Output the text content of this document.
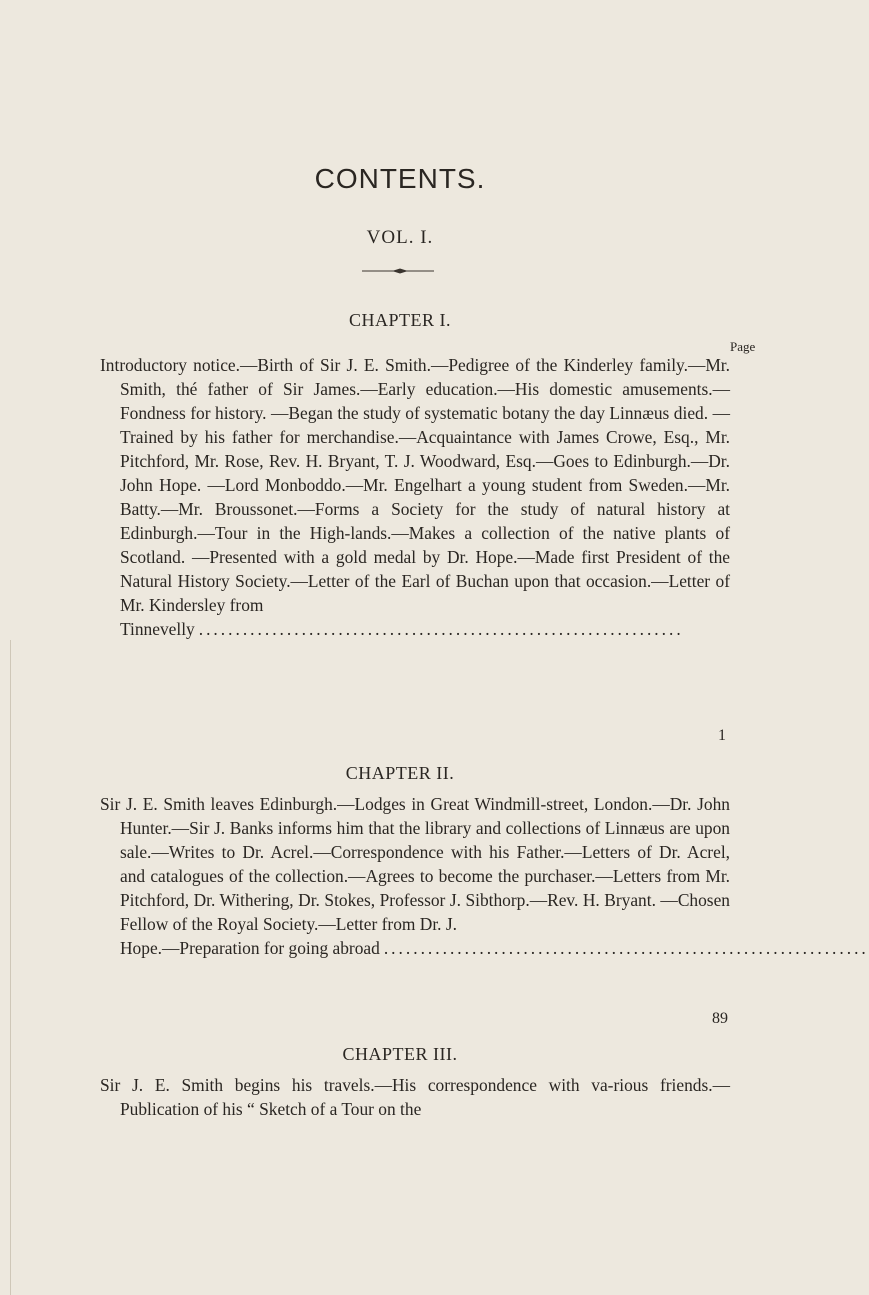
CONTENTS.
VOL. I.
CHAPTER I.
Page
Introductory notice.—Birth of Sir J. E. Smith.—Pedigree of the Kinderley family.—Mr. Smith, thé father of Sir James.—Early education.—His domestic amusements.—Fondness for history. —Began the study of systematic botany the day Linnæus died. —Trained by his father for merchandise.—Acquaintance with James Crowe, Esq., Mr. Pitchford, Mr. Rose, Rev. H. Bryant, T. J. Woodward, Esq.—Goes to Edinburgh.—Dr. John Hope. —Lord Monboddo.—Mr. Engelhart a young student from Sweden.—Mr. Batty.—Mr. Broussonet.—Forms a Society for the study of natural history at Edinburgh.—Tour in the High-lands.—Makes a collection of the native plants of Scotland. —Presented with a gold medal by Dr. Hope.—Made first President of the Natural History Society.—Letter of the Earl of Buchan upon that occasion.—Letter of Mr. Kindersley from
Tinnevelly ..................................................................
1
CHAPTER II.
Sir J. E. Smith leaves Edinburgh.—Lodges in Great Windmill-street, London.—Dr. John Hunter.—Sir J. Banks informs him that the library and collections of Linnæus are upon sale.—Writes to Dr. Acrel.—Correspondence with his Father.—Letters of Dr. Acrel, and catalogues of the collection.—Agrees to become the purchaser.—Letters from Mr. Pitchford, Dr. Withering, Dr. Stokes, Professor J. Sibthorp.—Rev. H. Bryant. —Chosen Fellow of the Royal Society.—Letter from Dr. J.
Hope.—Preparation for going abroad ..................................................................
89
CHAPTER III.
Sir J. E. Smith begins his travels.—His correspondence with va-rious friends.—Publication of his “ Sketch of a Tour on the
